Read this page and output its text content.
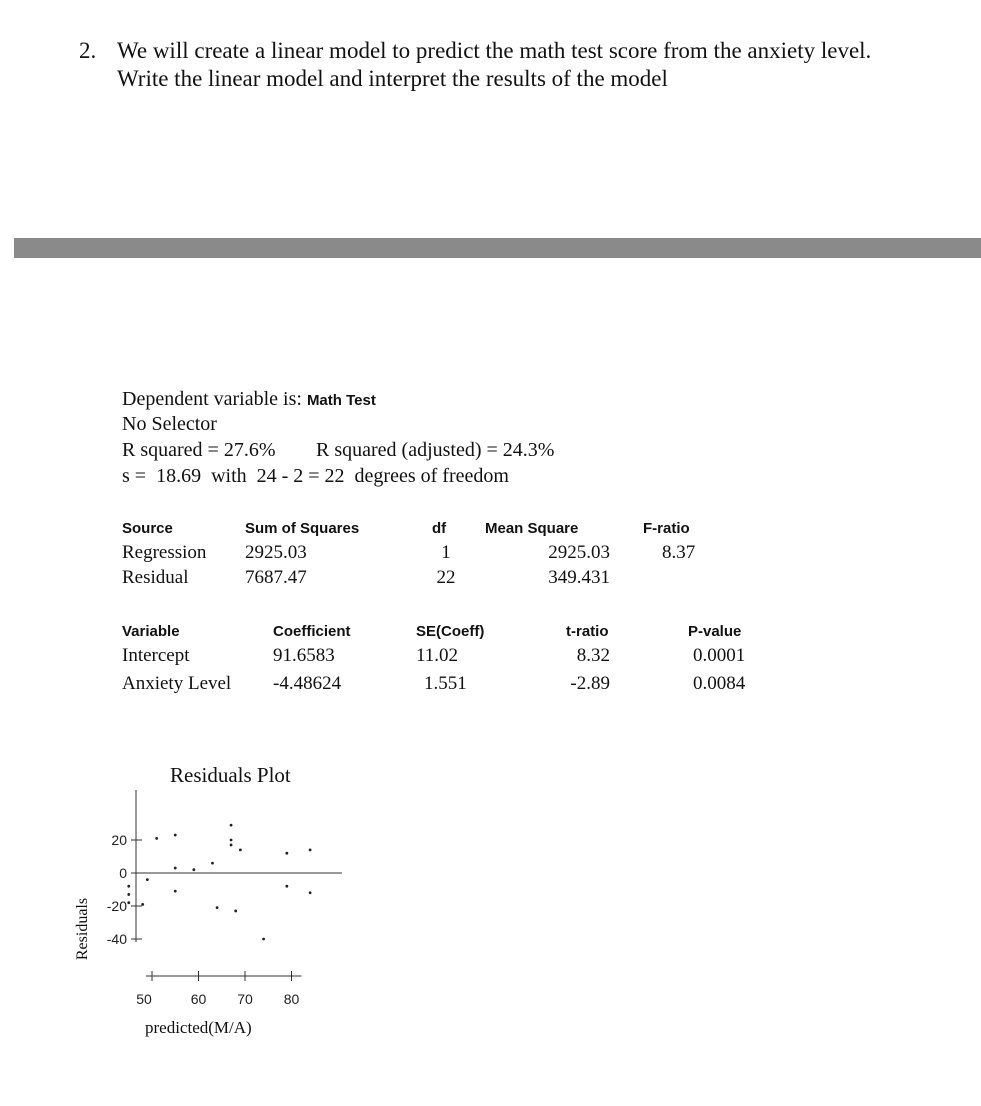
2. We will create a linear model to predict the math test score from the anxiety level.
Write the linear model and interpret the results of the model
Dependent variable is: Math Test
No Selector
R squared = 27.6% R squared (adjusted) = 24.3%
s =  18.69  with  24 - 2 = 22  degrees of freedom
Source	Sum of Squares	df	Mean Square	F-ratio
Regression 2925.03	1	2925.03	8.37
Residual	7687.47	22	349.431
Variable	Coefficient	SE(Coeff)	t-ratio	P-value
Intercept	91.6583	11.02	8.32	0.0001
Anxiety Level -4.48624	1.551	-2.89	0.0084
Residuals Plot
predicted(M/A)
Residuals
20
0
-20
-40
50	60 70 80
